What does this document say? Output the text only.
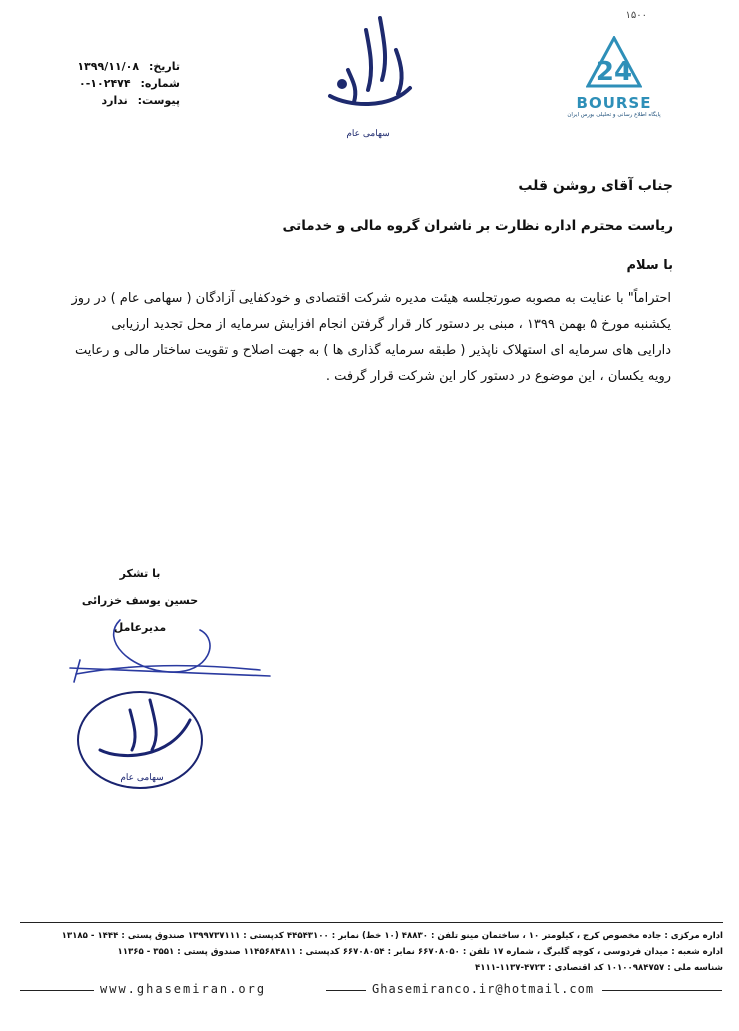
۱۵۰۰
24
BOURSE
پایگاه اطلاع رسانی و تحلیلی بورس ایران
سهامی عام
تاریخ: ۱۳۹۹/۱۱/۰۸
شماره: ۱۰۲۴۷۴-۰
پیوست: ندارد
جناب آقای روشن قلب
ریاست محترم اداره نظارت بر ناشران گروه مالی و خدماتی
با سلام

احتراماً" با عنایت به مصوبه صورتجلسه هیئت مدیره شرکت اقتصادی و خودکفایی آزادگان ( سهامی عام ) در روز

یکشنبه مورخ ۵ بهمن ۱۳۹۹ ، مبنی بر دستور کار قرار گرفتن انجام افزایش سرمایه از محل تجدید ارزیابی

دارایی های سرمایه ای استهلاک ناپذیر ( طبقه سرمایه گذاری ها ) به جهت اصلاح و تقویت ساختار مالی و رعایت

رویه یکسان ، این موضوع در دستور کار این شرکت قرار گرفت .

با تشکر
حسین یوسف خزرائی
مدیرعامل
سهامی عام
اداره مرکزی : جاده مخصوص کرج ، کیلومتر ۱۰ ، ساختمان مینو تلفن : ۴۸۸۳۰ (۱۰ خط) نمابر : ۴۴۵۴۳۱۰۰ کدپستی : ۱۳۹۹۷۳۷۱۱۱ صندوق پستی : ۱۴۴۴ - ۱۳۱۸۵
اداره شعبه : میدان فردوسی ، کوچه گلبرگ ، شماره ۱۷ تلفن : ۶۶۷۰۸۰۵۰ نمابر : ۶۶۷۰۸۰۵۴ کدپستی : ۱۱۴۵۶۸۴۸۱۱ صندوق پستی : ۳۵۵۱ - ۱۱۳۶۵
شناسه ملی : ۱۰۱۰۰۹۸۴۷۵۷ کد اقتصادی : ۴۷۲۳-۱۱۳۷-۴۱۱۱
www.ghasemiran.org	Ghasemiranco.ir@hotmail.com
